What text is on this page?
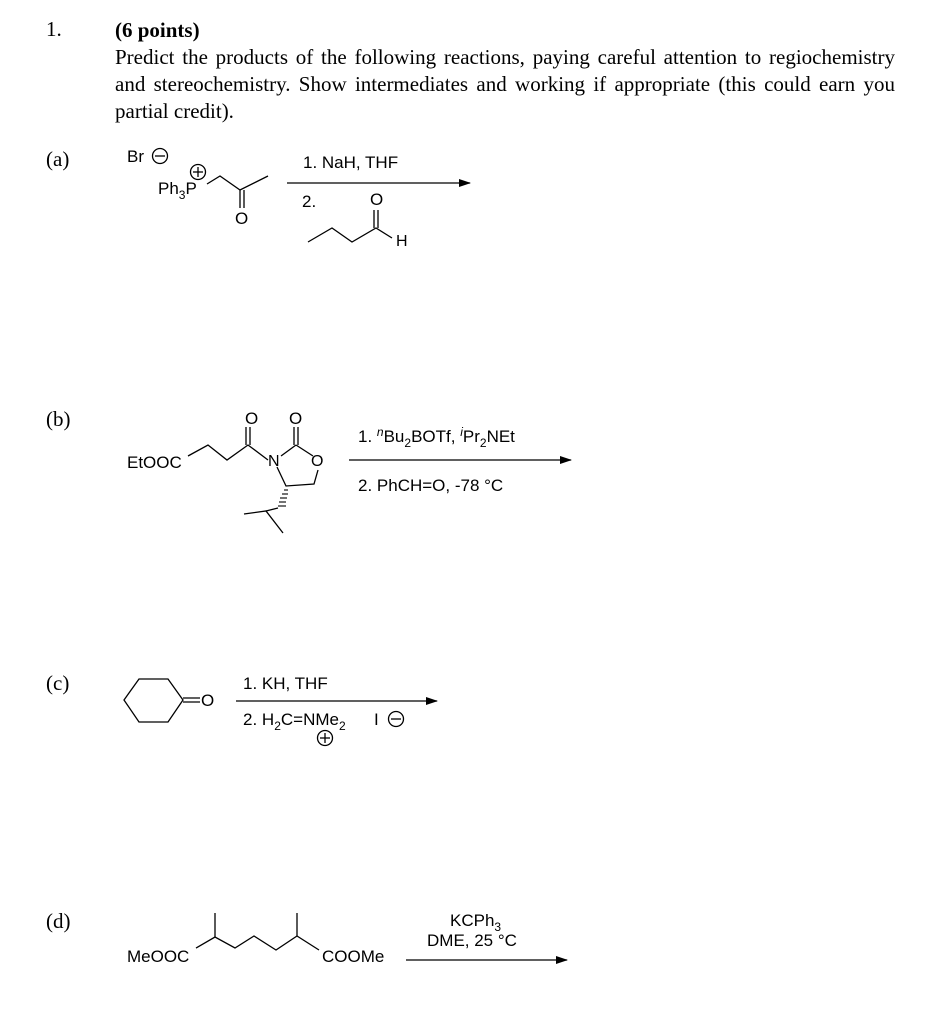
1.	(6 points)
Predict the products of the following reactions, paying careful attention to regiochemistry and stereochemistry. Show intermediates and working if appropriate (this could earn you partial credit).
(a)
(b)
(c)
(d)
Br
$Ph_3P$
O
1. NaH, THF
2.	O
H
EtOOC
O
N
O
O
1. $^nBu_2BOTf$, $^iPr_2NEt$
2. PhCH=O, -78 °C
O
1. KH, THF
2. $H_2C=NMe_2$ I
MeOOC	COOMe
KCPh$_3$
DME, 25 °C
